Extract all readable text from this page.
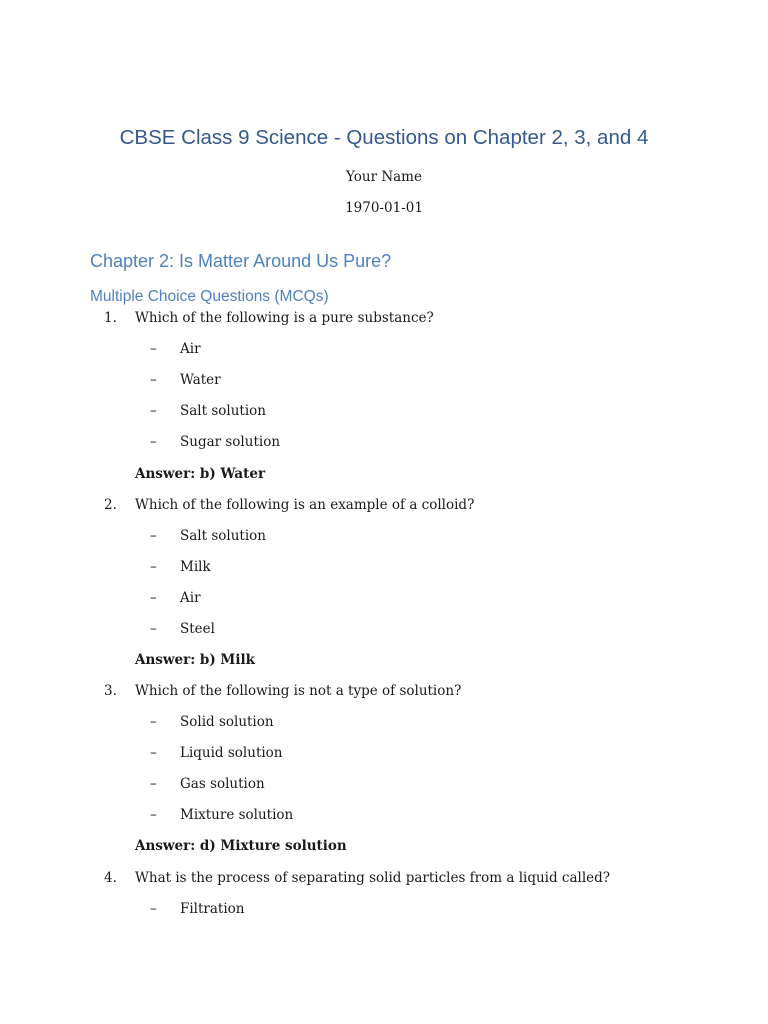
CBSE Class 9 Science - Questions on Chapter 2, 3, and 4
Your Name
1970-01-01
Chapter 2: Is Matter Around Us Pure?
Multiple Choice Questions (MCQs)
1. Which of the following is a pure substance?
– Air
– Water
– Salt solution
– Sugar solution
Answer: b) Water
2. Which of the following is an example of a colloid?
– Salt solution
– Milk
– Air
– Steel
Answer: b) Milk
3. Which of the following is not a type of solution?
– Solid solution
– Liquid solution
– Gas solution
– Mixture solution
Answer: d) Mixture solution
4. What is the process of separating solid particles from a liquid called?
– Filtration
